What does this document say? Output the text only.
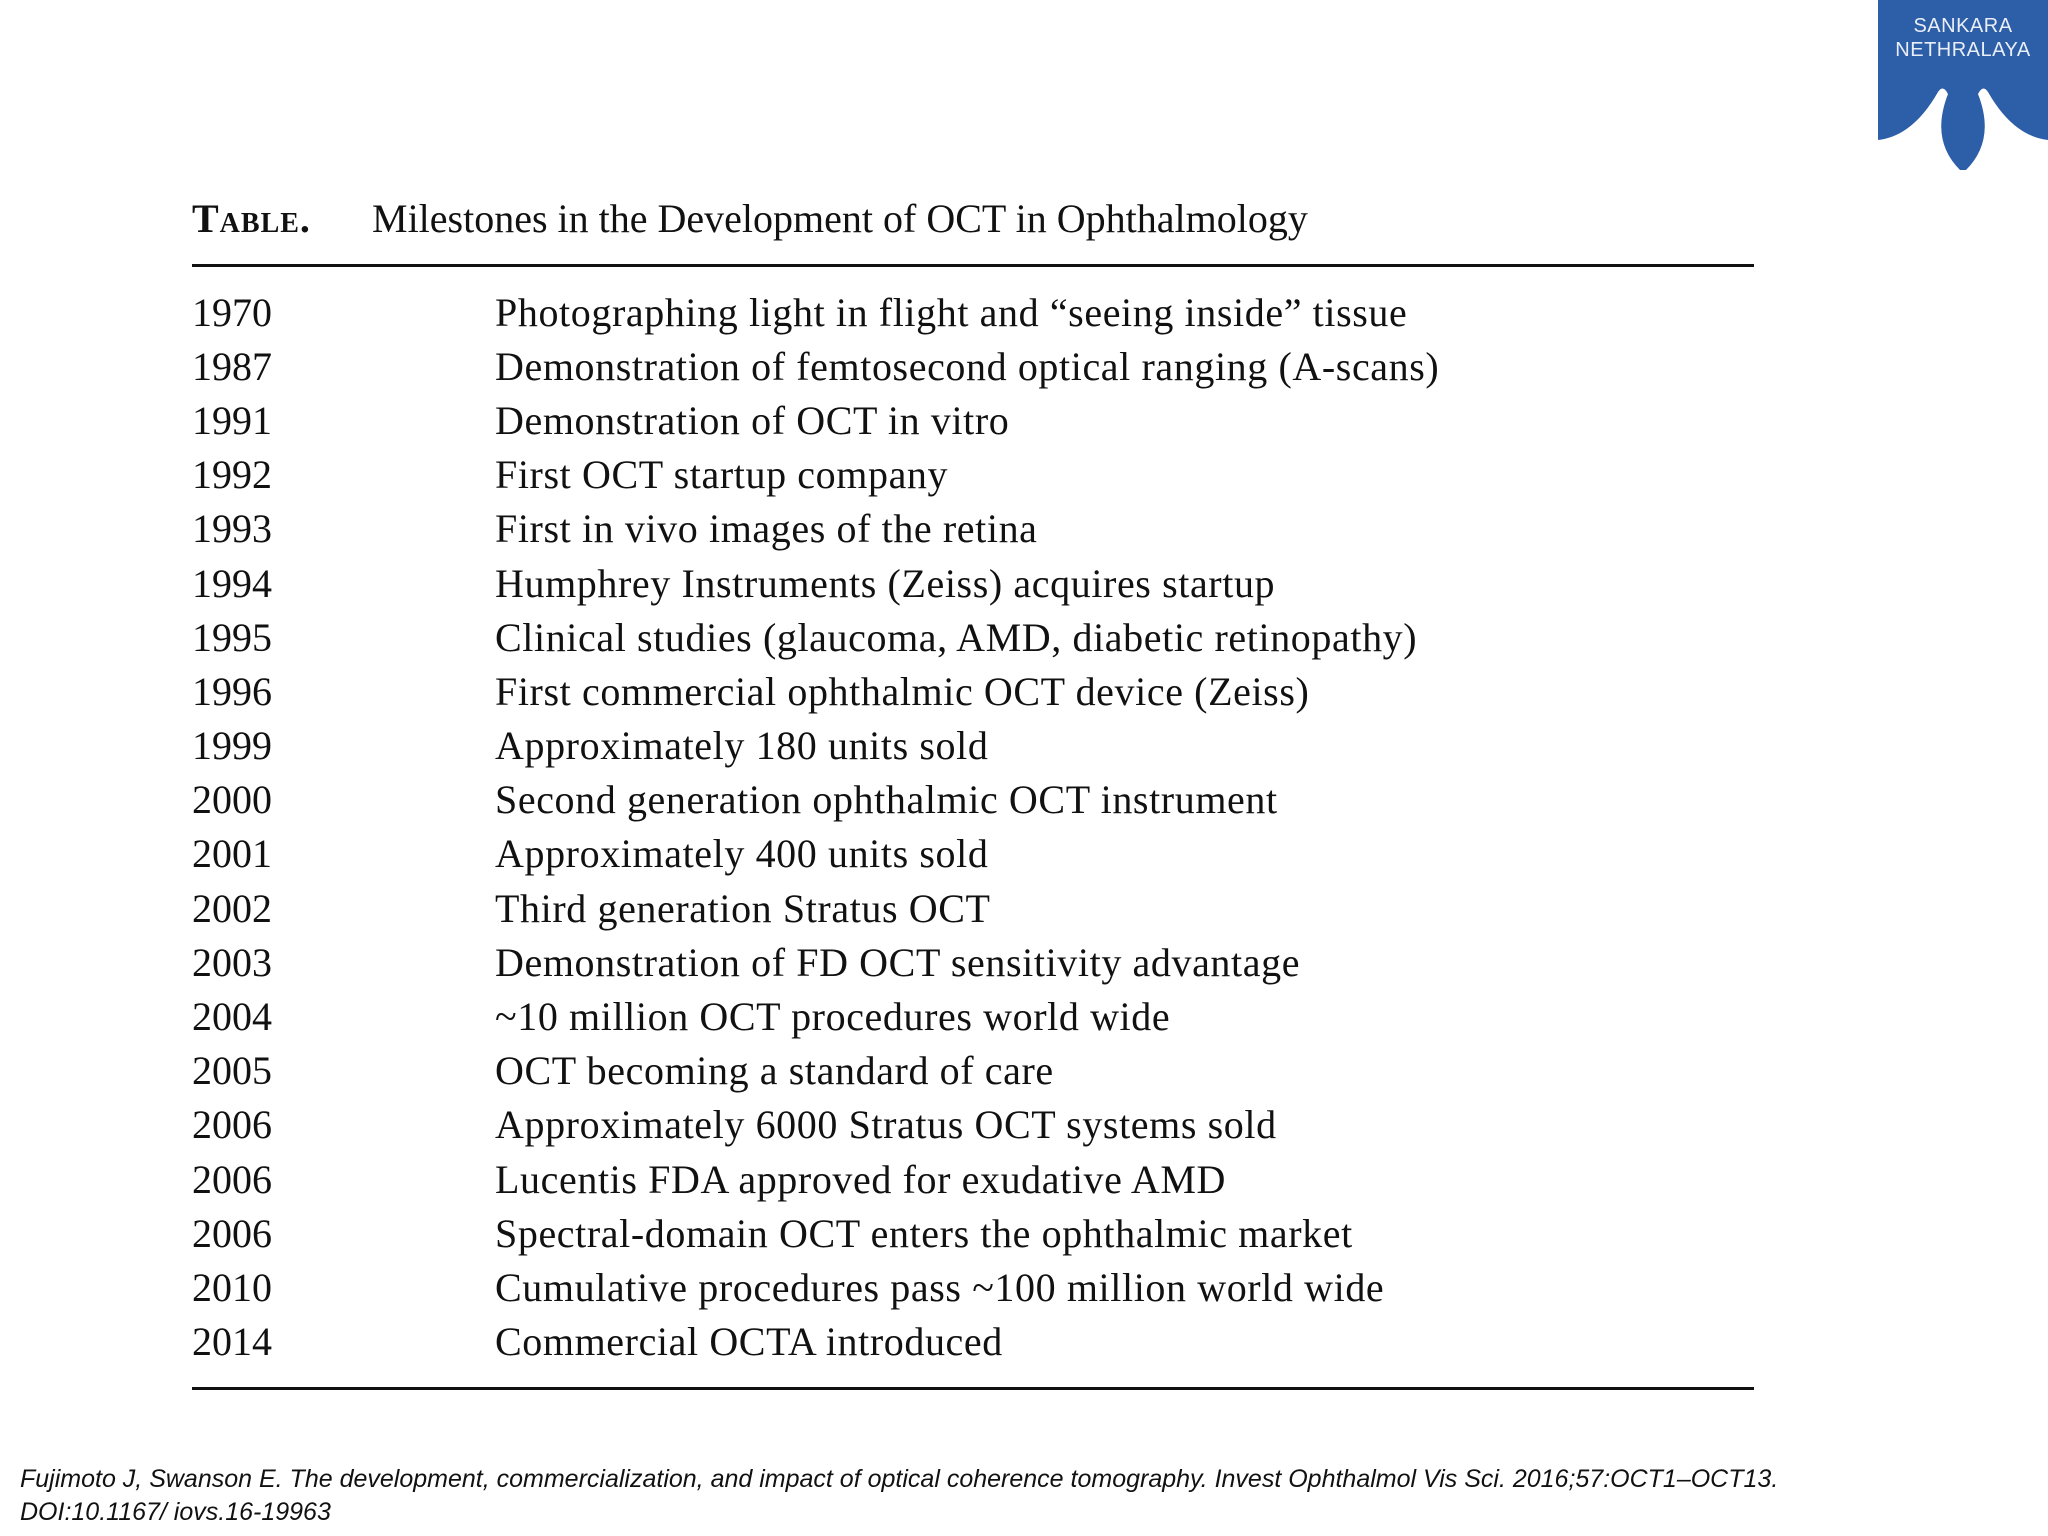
SANKARA
NETHRALAYA
Table. Milestones in the Development of OCT in Ophthalmology
1970	Photographing light in flight and “seeing inside” tissue
1987	Demonstration of femtosecond optical ranging (A-scans)
1991	Demonstration of OCT in vitro
1992	First OCT startup company
1993	First in vivo images of the retina
1994	Humphrey Instruments (Zeiss) acquires startup
1995	Clinical studies (glaucoma, AMD, diabetic retinopathy)
1996	First commercial ophthalmic OCT device (Zeiss)
1999	Approximately 180 units sold
2000	Second generation ophthalmic OCT instrument
2001	Approximately 400 units sold
2002	Third generation Stratus OCT
2003	Demonstration of FD OCT sensitivity advantage
2004	~10 million OCT procedures world wide
2005	OCT becoming a standard of care
2006	Approximately 6000 Stratus OCT systems sold
2006	Lucentis FDA approved for exudative AMD
2006	Spectral-domain OCT enters the ophthalmic market
2010	Cumulative procedures pass ~100 million world wide
2014	Commercial OCTA introduced
Fujimoto J, Swanson E. The development, commercialization, and impact of optical coherence tomography. Invest Ophthalmol Vis Sci. 2016;57:OCT1–OCT13.
DOI:10.1167/ iovs.16-19963
